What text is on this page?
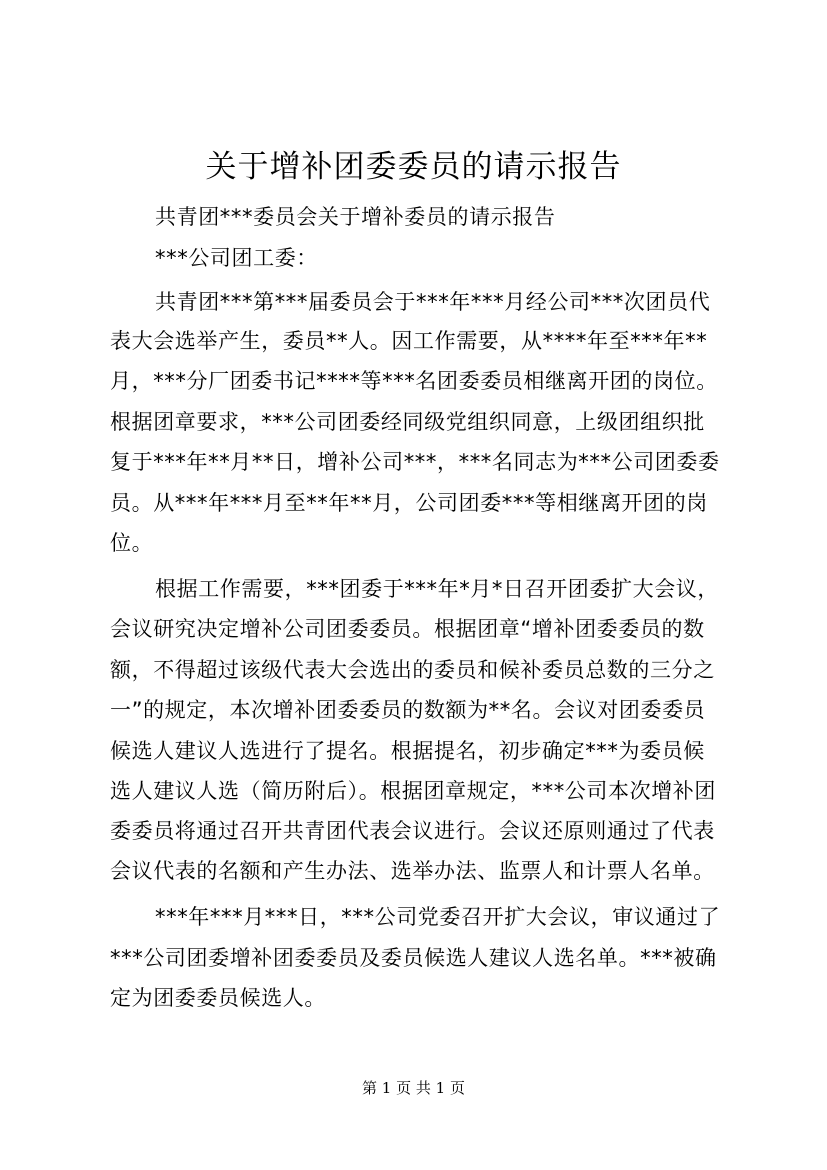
关于增补团委委员的请示报告
共青团***委员会关于增补委员的请示报告
***公司团工委：
共青团***第***届委员会于***年***月经公司***次团员代
表大会选举产生，委员**人。因工作需要，从****年至***年**
月，***分厂团委书记****等***名团委委员相继离开团的岗位。
根据团章要求，***公司团委经同级党组织同意，上级团组织批
复于***年**月**日，增补公司***，***名同志为***公司团委委
员。从***年***月至**年**月，公司团委***等相继离开团的岗
位。
根据工作需要，***团委于***年*月*日召开团委扩大会议，
会议研究决定增补公司团委委员。根据团章“增补团委委员的数
额，不得超过该级代表大会选出的委员和候补委员总数的三分之
一”的规定，本次增补团委委员的数额为**名。会议对团委委员
候选人建议人选进行了提名。根据提名，初步确定***为委员候
选人建议人选（简历附后）。根据团章规定，***公司本次增补团
委委员将通过召开共青团代表会议进行。会议还原则通过了代表
会议代表的名额和产生办法、选举办法、监票人和计票人名单。
***年***月***日，***公司党委召开扩大会议，审议通过了
***公司团委增补团委委员及委员候选人建议人选名单。***被确
定为团委委员候选人。
第 1 页 共 1 页
